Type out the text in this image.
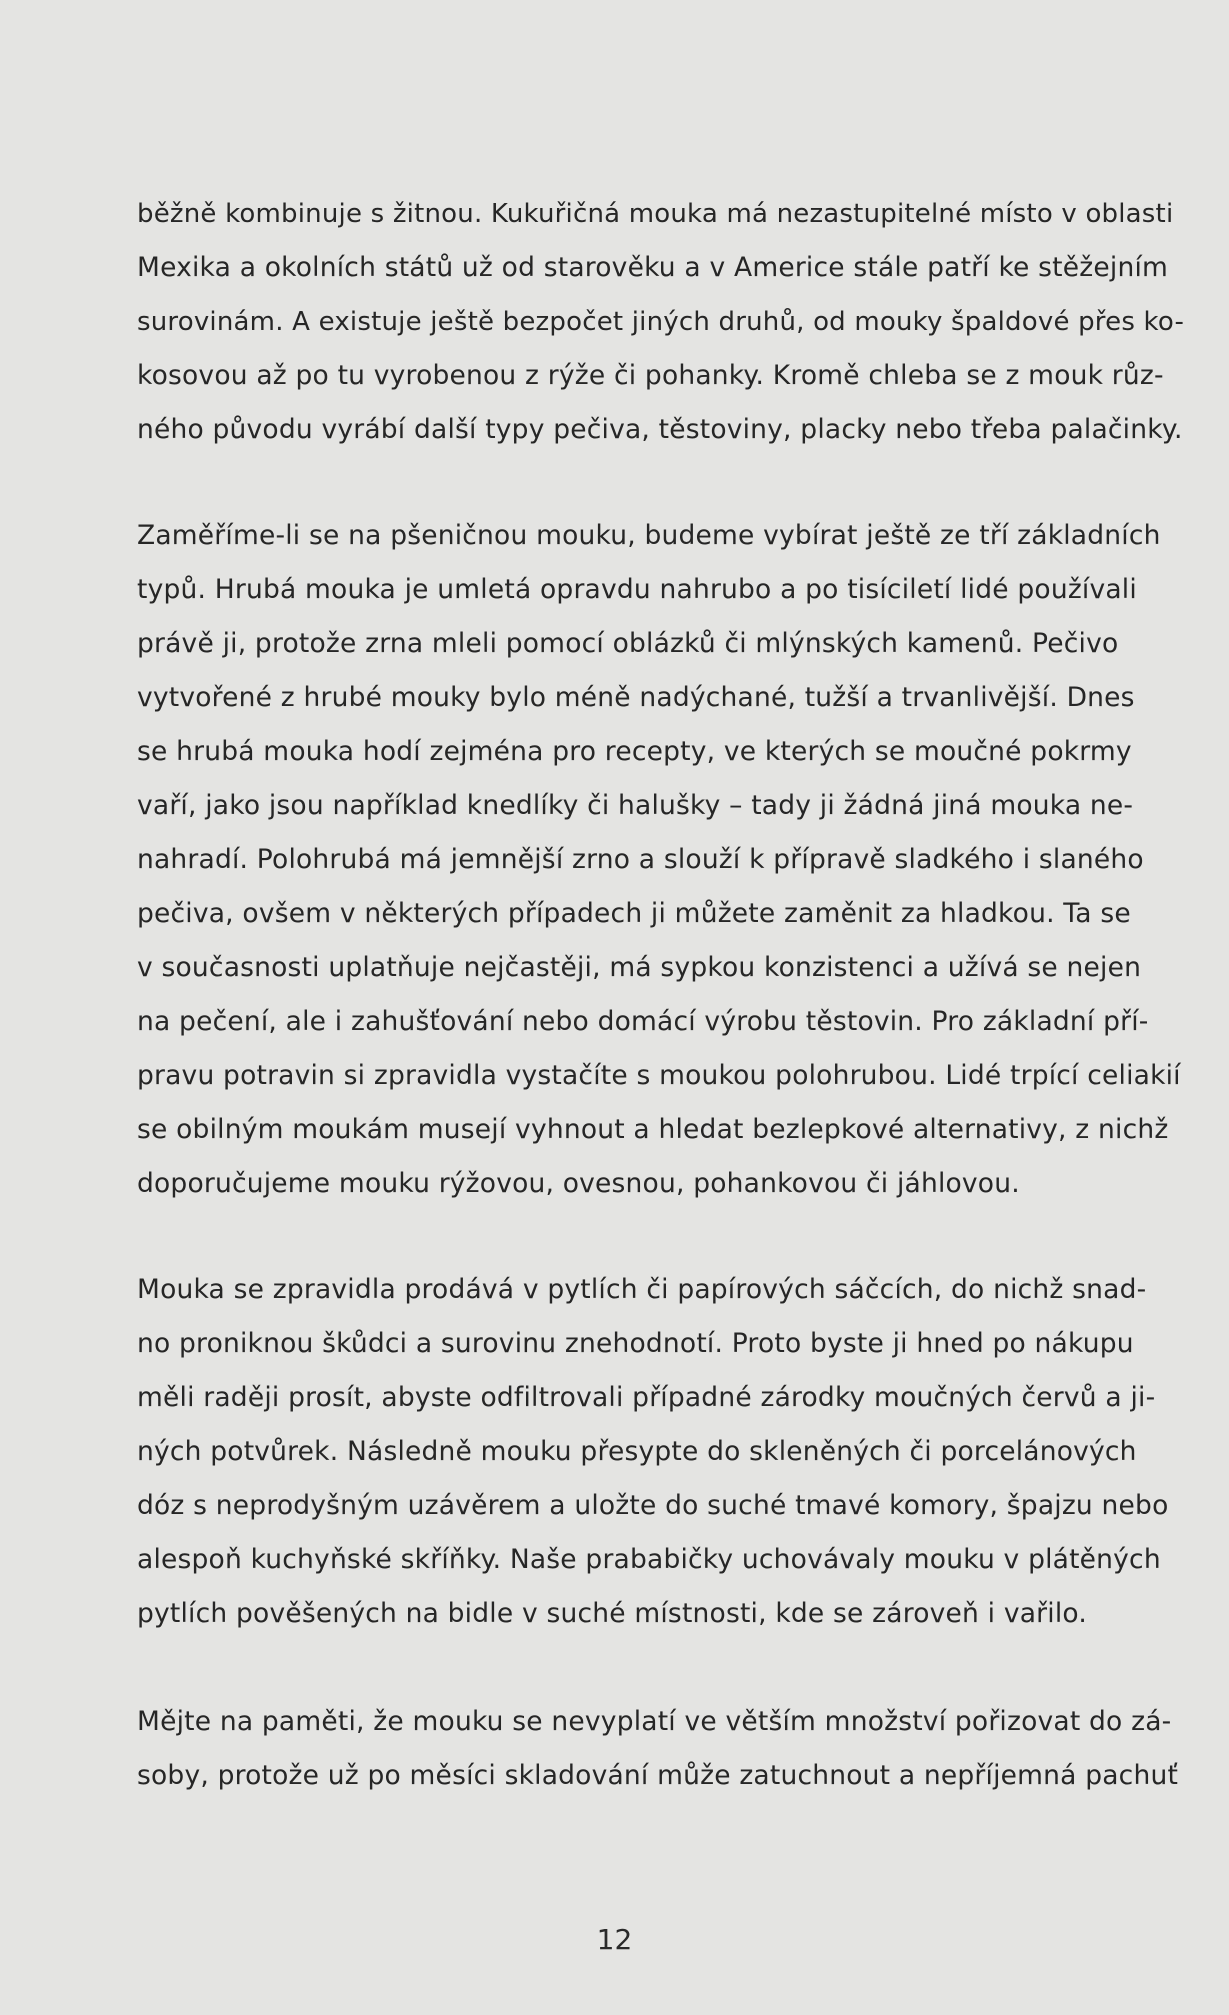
běžně kombinuje s žitnou. Kukuřičná mouka má nezastupitelné místo v oblasti
Mexika a okolních států už od starověku a v Americe stále patří ke stěžejním
surovinám. A existuje ještě bezpočet jiných druhů, od mouky špaldové přes ko-
kosovou až po tu vyrobenou z rýže či pohanky. Kromě chleba se z mouk růz-
ného původu vyrábí další typy pečiva, těstoviny, placky nebo třeba palačinky.
Zaměříme-li se na pšeničnou mouku, budeme vybírat ještě ze tří základních
typů. Hrubá mouka je umletá opravdu nahrubo a po tisíciletí lidé používali
právě ji, protože zrna mleli pomocí oblázků či mlýnských kamenů. Pečivo
vytvořené z hrubé mouky bylo méně nadýchané, tužší a trvanlivější. Dnes
se hrubá mouka hodí zejména pro recepty, ve kterých se moučné pokrmy
vaří, jako jsou například knedlíky či halušky – tady ji žádná jiná mouka ne-
nahradí. Polohrubá má jemnější zrno a slouží k přípravě sladkého i slaného
pečiva, ovšem v některých případech ji můžete zaměnit za hladkou. Ta se
v současnosti uplatňuje nejčastěji, má sypkou konzistenci a užívá se nejen
na pečení, ale i zahušťování nebo domácí výrobu těstovin. Pro základní pří-
pravu potravin si zpravidla vystačíte s moukou polohrubou. Lidé trpící celiakií
se obilným moukám musejí vyhnout a hledat bezlepkové alternativy, z nichž
doporučujeme mouku rýžovou, ovesnou, pohankovou či jáhlovou.
Mouka se zpravidla prodává v pytlích či papírových sáčcích, do nichž snad-
no proniknou škůdci a surovinu znehodnotí. Proto byste ji hned po nákupu
měli raději prosít, abyste odfiltrovali případné zárodky moučných červů a ji-
ných potvůrek. Následně mouku přesypte do skleněných či porcelánových
dóz s neprodyšným uzávěrem a uložte do suché tmavé komory, špajzu nebo
alespoň kuchyňské skříňky. Naše prababičky uchovávaly mouku v plátěných
pytlích pověšených na bidle v suché místnosti, kde se zároveň i vařilo.
Mějte na paměti, že mouku se nevyplatí ve větším množství pořizovat do zá-
soby, protože už po měsíci skladování může zatuchnout a nepříjemná pachuť
12
